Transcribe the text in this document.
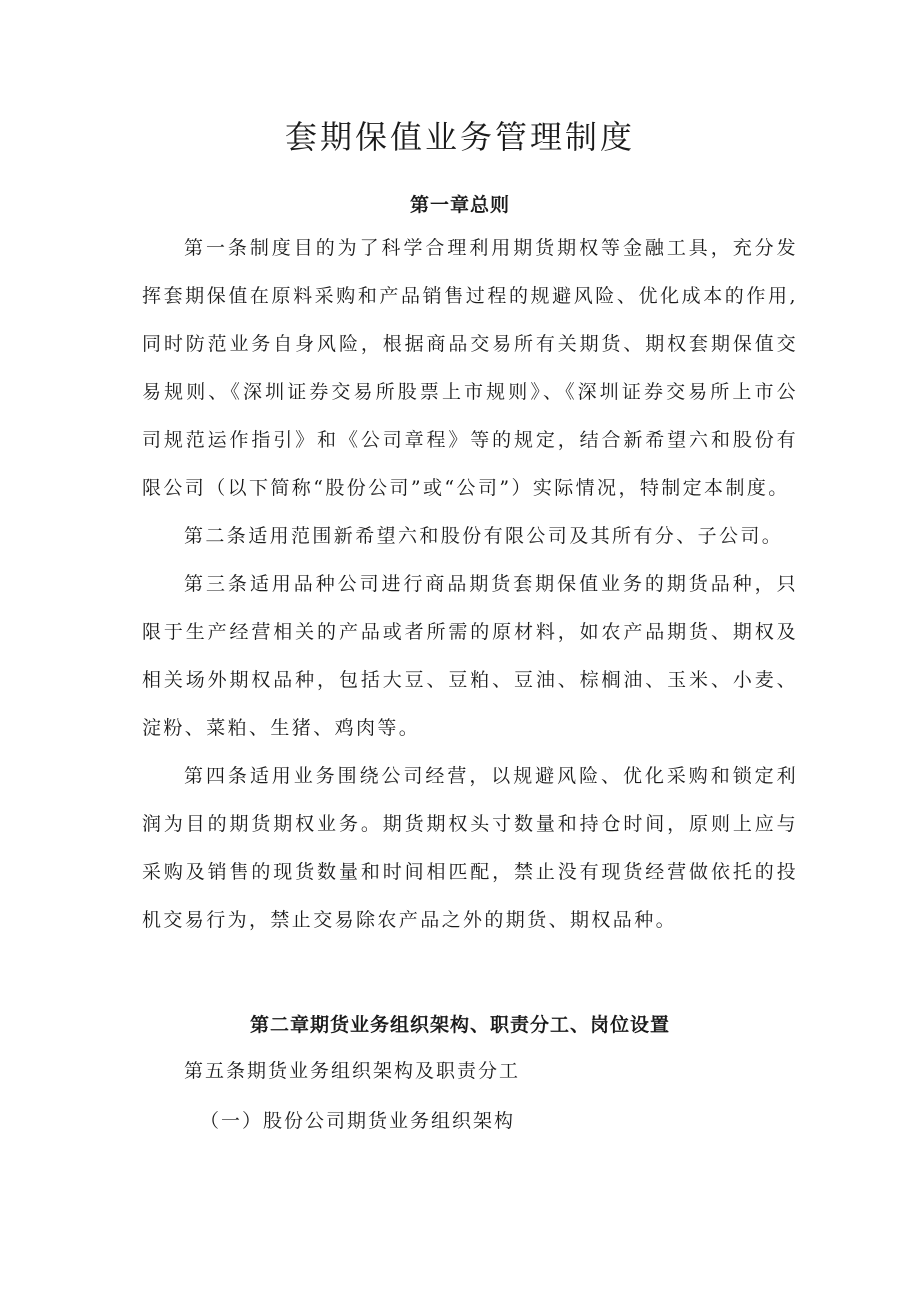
套期保值业务管理制度
第一章总则

第一条制度目的为了科学合理利用期货期权等金融工具，充分发挥套期保值在原料采购和产品销售过程的规避风险、优化成本的作用,同时防范业务自身风险，根据商品交易所有关期货、期权套期保值交易规则、《深圳证券交易所股票上市规则》、《深圳证券交易所上市公司规范运作指引》和《公司章程》等的规定，结合新希望六和股份有限公司（以下简称“股份公司”或“公司”）实际情况，特制定本制度。

第二条适用范围新希望六和股份有限公司及其所有分、子公司。

第三条适用品种公司进行商品期货套期保值业务的期货品种，只限于生产经营相关的产品或者所需的原材料，如农产品期货、期权及相关场外期权品种，包括大豆、豆粕、豆油、棕榈油、玉米、小麦、淀粉、菜粕、生猪、鸡肉等。

第四条适用业务围绕公司经营，以规避风险、优化采购和锁定利润为目的期货期权业务。期货期权头寸数量和持仓时间，原则上应与采购及销售的现货数量和时间相匹配，禁止没有现货经营做依托的投机交易行为，禁止交易除农产品之外的期货、期权品种。

第二章期货业务组织架构、职责分工、岗位设置

第五条期货业务组织架构及职责分工

（一）股份公司期货业务组织架构
